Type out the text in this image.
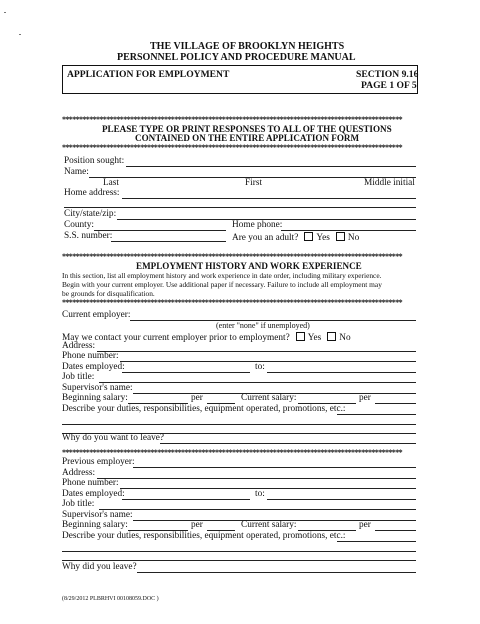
THE VILLAGE OF BROOKLYN HEIGHTS
PERSONNEL POLICY AND PROCEDURE MANUAL
APPLICATION FOR EMPLOYMENT	SECTION 9.16
PAGE 1 OF 5
****************************************************************************************************
PLEASE TYPE OR PRINT RESPONSES TO ALL OF THE QUESTIONS
CONTAINED ON THE ENTIRE APPLICATION FORM
****************************************************************************************************
Position sought:
Name:
Last	First	Middle initial
Home address:
City/state/zip:
County:	Home phone:
S.S. number:	Are you an adult? Yes No
****************************************************************************************************
EMPLOYMENT HISTORY AND WORK EXPERIENCE
In this section, list all employment history and work experience in date order, including military experience.
Begin with your current employer. Use additional paper if necessary. Failure to include all employment may
be grounds for disqualification.
****************************************************************************************************
Current employer:
(enter "none" if unemployed)
May we contact your current employer prior to employment? Yes No
Address:
Phone number:
Dates employed:	to:
Job title:
Supervisor's name:
Beginning salary:	per	Current salary:	per
Describe your duties, responsibilities, equipment operated, promotions, etc.:
Why do you want to leave?
****************************************************************************************************
Previous employer:
Address:
Phone number:
Dates employed:	to:
Job title:
Supervisor's name:
Beginning salary:	per	Current salary:	per
Describe your duties, responsibilities, equipment operated, promotions, etc.:
Why did you leave?
(8/29/2012 PLBRHVI 00108059.DOC )
